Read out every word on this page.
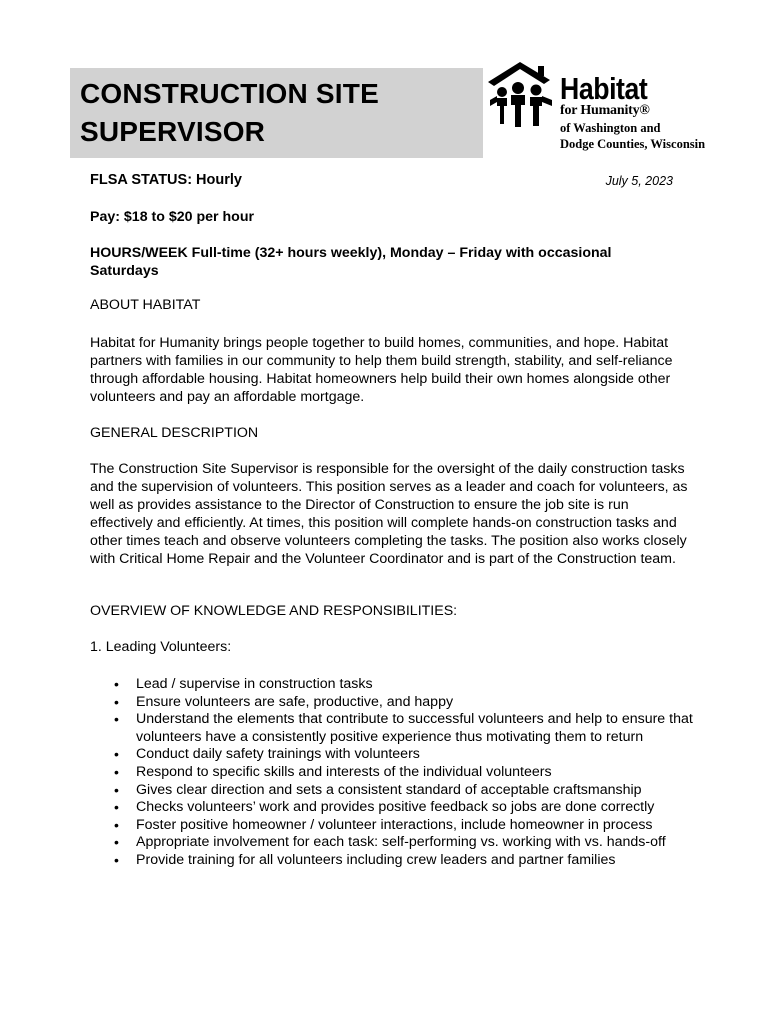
CONSTRUCTION SITE
SUPERVISOR
Habitat
for Humanity®
of Washington and
Dodge Counties, Wisconsin
FLSA STATUS: Hourly	July 5, 2023
Pay: $18 to $20 per hour
HOURS/WEEK Full-time (32+ hours weekly), Monday – Friday with occasional Saturdays
ABOUT HABITAT
Habitat for Humanity brings people together to build homes, communities, and hope. Habitat partners with families in our community to help them build strength, stability, and self-reliance through affordable housing. Habitat homeowners help build their own homes alongside other volunteers and pay an affordable mortgage.
GENERAL DESCRIPTION
The Construction Site Supervisor is responsible for the oversight of the daily construction tasks and the supervision of volunteers. This position serves as a leader and coach for volunteers, as well as provides assistance to the Director of Construction to ensure the job site is run effectively and efficiently. At times, this position will complete hands-on construction tasks and other times teach and observe volunteers completing the tasks. The position also works closely with Critical Home Repair and the Volunteer Coordinator and is part of the Construction team.
OVERVIEW OF KNOWLEDGE AND RESPONSIBILITIES:
1. Leading Volunteers:
• Lead / supervise in construction tasks
• Ensure volunteers are safe, productive, and happy
• Understand the elements that contribute to successful volunteers and help to ensure that volunteers have a consistently positive experience thus motivating them to return
• Conduct daily safety trainings with volunteers
• Respond to specific skills and interests of the individual volunteers
• Gives clear direction and sets a consistent standard of acceptable craftsmanship
• Checks volunteers’ work and provides positive feedback so jobs are done correctly
• Foster positive homeowner / volunteer interactions, include homeowner in process
• Appropriate involvement for each task: self-performing vs. working with vs. hands-off
• Provide training for all volunteers including crew leaders and partner families
